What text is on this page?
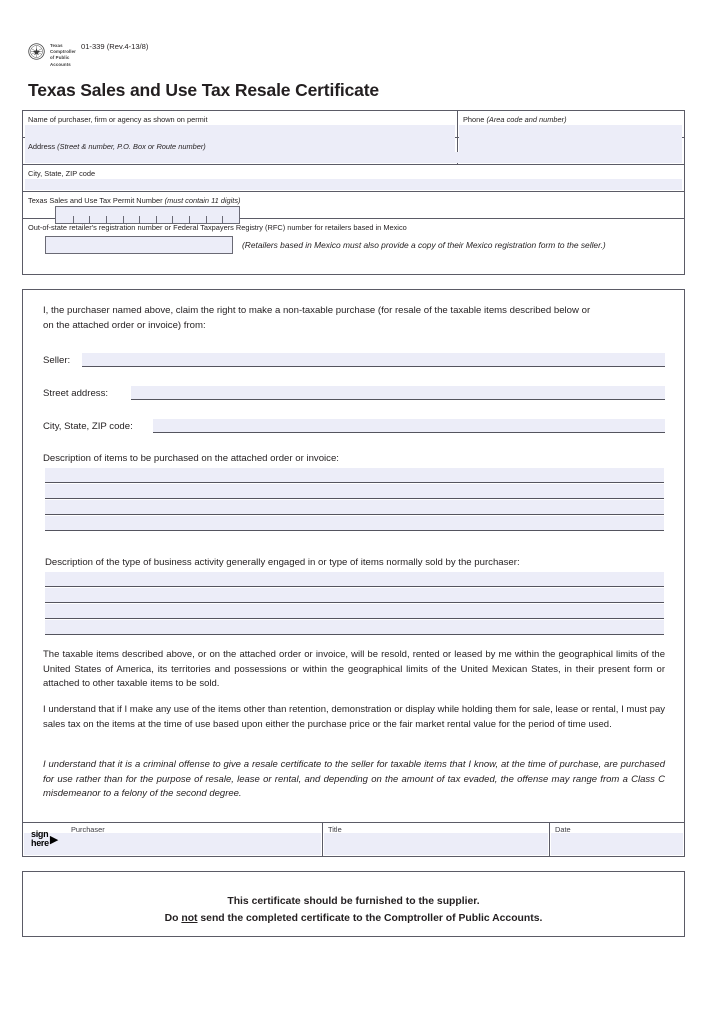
Texas
Comptroller
of Public
Accounts
01-339 (Rev.4-13/8)
Texas Sales and Use Tax Resale Certificate
Name of purchaser, firm or agency as shown on permit	Phone (Area code and number)
Address (Street & number, P.O. Box or Route number)
City, State, ZIP code
Texas Sales and Use Tax Permit Number (must contain 11 digits)
Out-of-state retailer's registration number or Federal Taxpayers Registry (RFC) number for retailers based in Mexico
(Retailers based in Mexico must also provide a copy of their Mexico registration form to the seller.)
I, the purchaser named above, claim the right to make a non-taxable purchase (for resale of the taxable items described below or on the attached order or invoice) from:
Seller:
Street address:
City, State, ZIP code:
Description of items to be purchased on the attached order or invoice:
Description of the type of business activity generally engaged in or type of items normally sold by the purchaser:
The taxable items described above, or on the attached order or invoice, will be resold, rented or leased by me within the geographical limits of the United States of America, its territories and possessions or within the geographical limits of the United Mexican States, in their present form or attached to other taxable items to be sold.
I understand that if I make any use of the items other than retention, demonstration or display while holding them for sale, lease or rental, I must pay sales tax on the items at the time of use based upon either the purchase price or the fair market rental value for the period of time used.
I understand that it is a criminal offense to give a resale certificate to the seller for taxable items that I know, at the time of purchase, are purchased for use rather than for the purpose of resale, lease or rental, and depending on the amount of tax evaded, the offense may range from a Class C misdemeanor to a felony of the second degree.
Purchaser
sign
here ▶
Title	Date
This certificate should be furnished to the supplier.
Do not send the completed certificate to the Comptroller of Public Accounts.
